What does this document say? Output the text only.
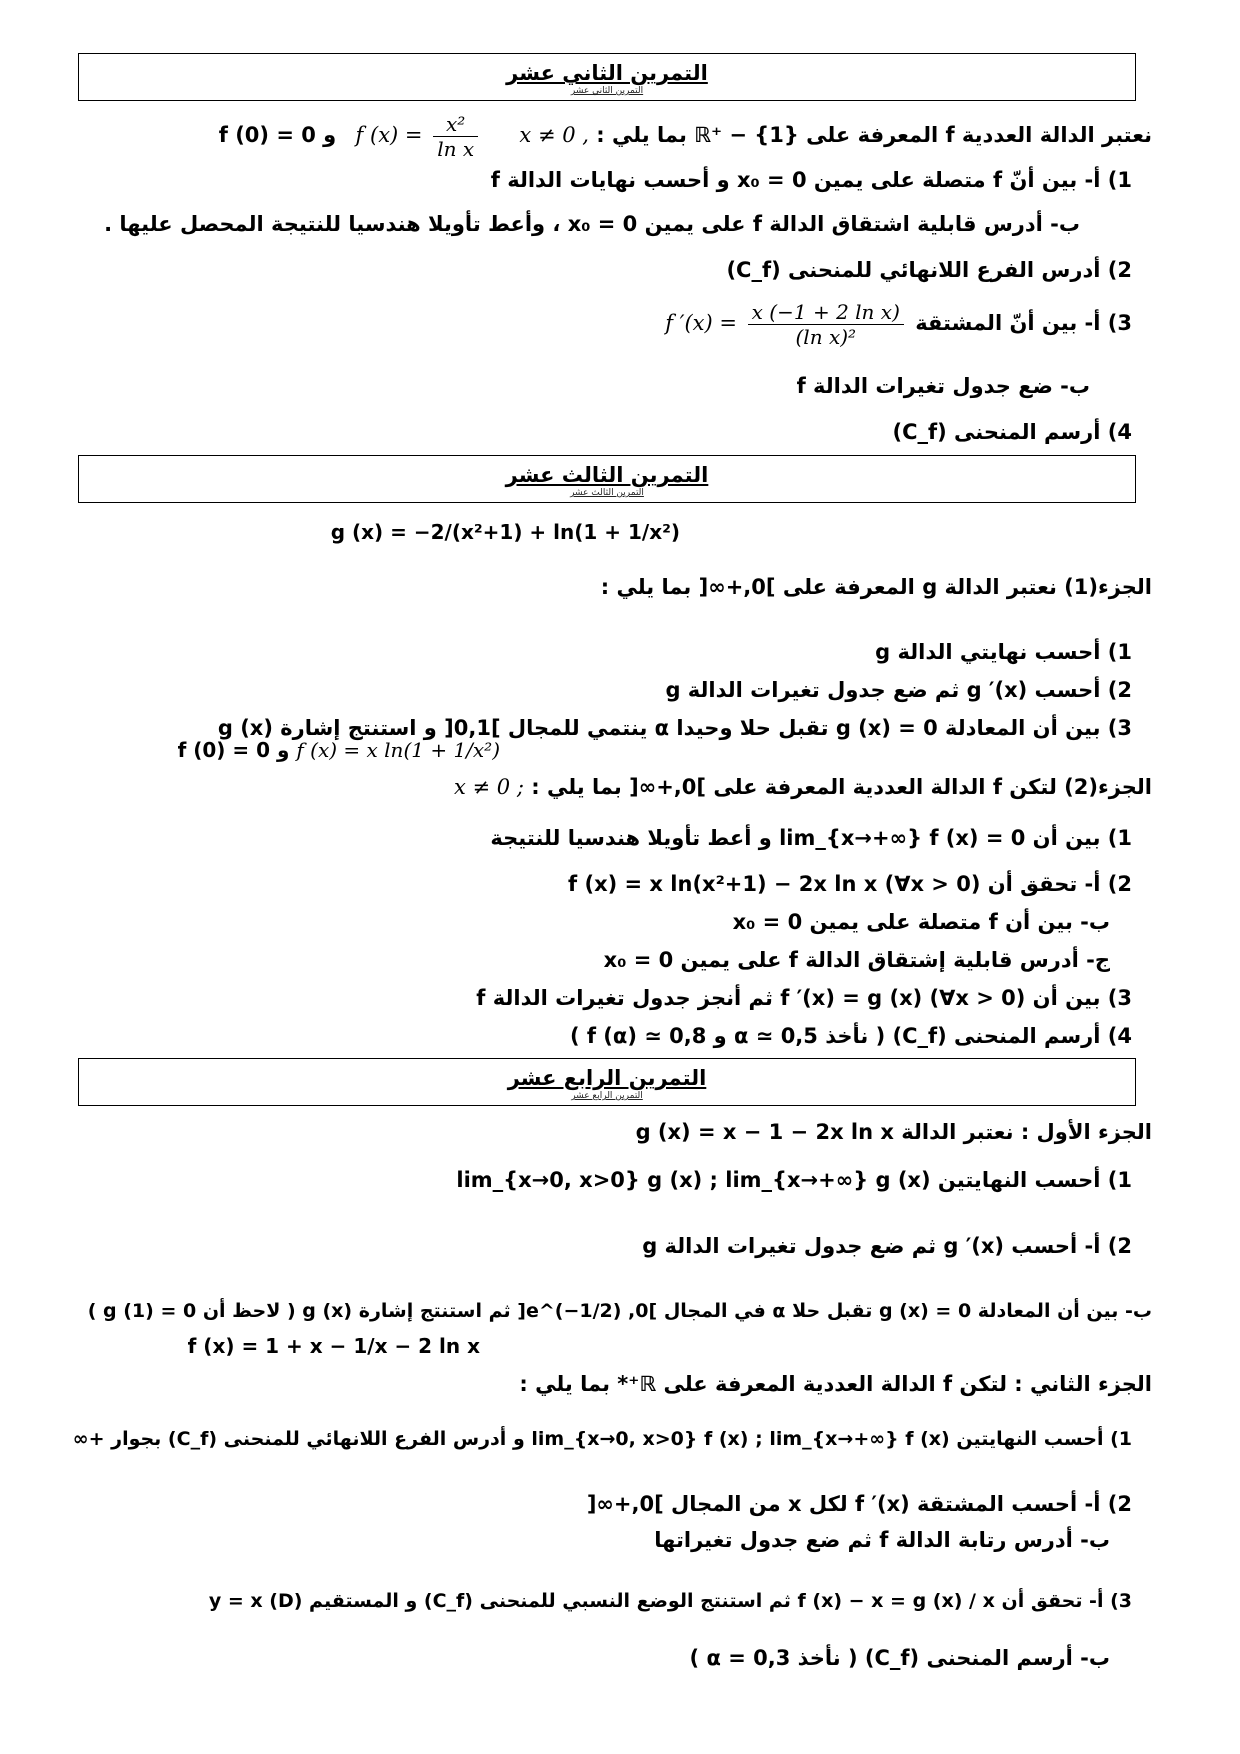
التمرين الثاني عشر
التمرين الثاني عشر
نعتبر الدالة العددية f المعرفة على ℝ⁺ − {1} بما يلي : x ≠ 0 , f $(x) = \frac{\text{x²}}{\text{ln x}}$
و f (0) = 0
1) أ- بين أنّ f متصلة على يمين x₀ = 0 و أحسب نهايات الدالة f
ب- أدرس قابلية اشتقاق الدالة f على يمين x₀ = 0 ، وأعط تأويلا هندسيا للنتيجة المحصل عليها .
2) أدرس الفرع اللانهائي للمنحنى (C_f)
3) أ- بين أنّ المشتقة f $'(x) = \frac{\text{x (−1 + 2 ln x)}}{\text{(ln x)²}}$
ب- ضع جدول تغيرات الدالة f
4) أرسم المنحنى (C_f)
التمرين الثالث عشر
التمرين الثالث عشر
الجزء(1) نعتبر الدالة g المعرفة على ]0,+∞[ بما يلي :
g (x) = −2/(x²+1) + ln(1 + 1/x²)
1) أحسب نهايتي الدالة g
2) أحسب g ′(x) ثم ضع جدول تغيرات الدالة g
3) بين أن المعادلة g (x) = 0 تقبل حلا وحيدا α ينتمي للمجال ]0,1[ و استنتج إشارة g (x)
الجزء(2) لتكن f الدالة العددية المعرفة على ]0,+∞[ بما يلي : x ≠ 0 ;
f (x) = x ln(1 + 1/x²) و f (0) = 0
1) بين أن lim_{x→+∞} f (x) = 0 و أعط تأويلا هندسيا للنتيجة
2) أ- تحقق أن f (x) = x ln(x²+1) − 2x ln x (∀x > 0)
ب- بين أن f متصلة على يمين x₀ = 0
ج- أدرس قابلية إشتقاق الدالة f على يمين x₀ = 0
3) بين أن f ′(x) = g (x) (∀x > 0) ثم أنجز جدول تغيرات الدالة f
4) أرسم المنحنى (C_f) ( نأخذ α ≃ 0,5 و f (α) ≃ 0,8 )
التمرين الرابع عشر
التمرين الرابع عشر
الجزء الأول : نعتبر الدالة g (x) = x − 1 − 2x ln x
1) أحسب النهايتين lim_{x→0, x>0} g (x) ; lim_{x→+∞} g (x)
2) أ- أحسب g ′(x) ثم ضع جدول تغيرات الدالة g
ب- بين أن المعادلة g (x) = 0 تقبل حلا α في المجال ]0, e^(−1/2)[ ثم استنتج إشارة g (x) ( لاحظ أن g (1) = 0 )
الجزء الثاني : لتكن f الدالة العددية المعرفة على ℝ⁺* بما يلي :
f (x) = 1 + x − 1/x − 2 ln x
1) أحسب النهايتين lim_{x→0, x>0} f (x) ; lim_{x→+∞} f (x) و أدرس الفرع اللانهائي للمنحنى (C_f) بجوار +∞
2) أ- أحسب المشتقة f ′(x) لكل x من المجال ]0,+∞[
ب- أدرس رتابة الدالة f ثم ضع جدول تغيراتها
3) أ- تحقق أن f (x) − x = g (x) / x ثم استنتج الوضع النسبي للمنحنى (C_f) و المستقيم (D) y = x
ب- أرسم المنحنى (C_f) ( نأخذ α = 0,3 )
